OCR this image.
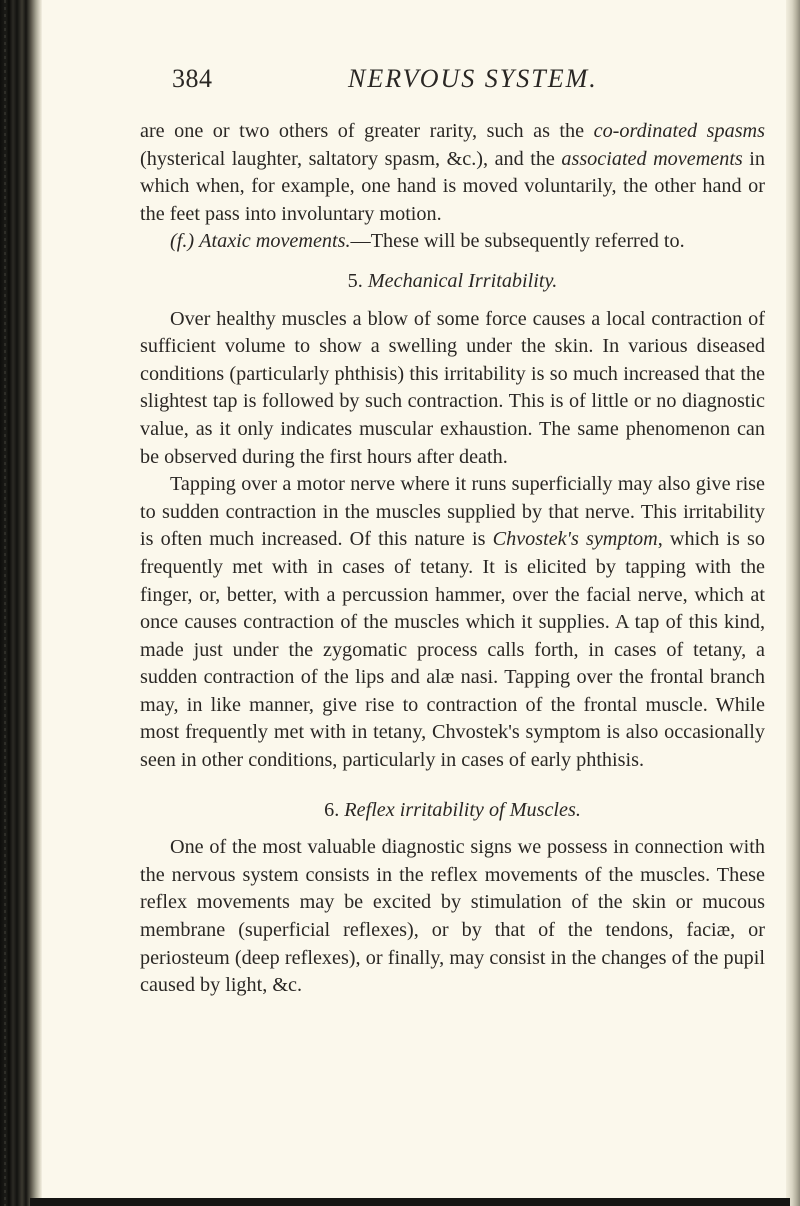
384	NERVOUS SYSTEM.

are one or two others of greater rarity, such as the co-ordinated spasms (hysterical laughter, saltatory spasm, &c.), and the associated movements in which when, for example, one hand is moved voluntarily, the other hand or the feet pass into involuntary motion.

(f.) Ataxic movements.—These will be subsequently referred to.

5. Mechanical Irritability.

Over healthy muscles a blow of some force causes a local contraction of sufficient volume to show a swelling under the skin. In various diseased conditions (particularly phthisis) this irritability is so much increased that the slightest tap is followed by such contraction. This is of little or no diagnostic value, as it only indicates muscular exhaustion. The same phenomenon can be observed during the first hours after death.

Tapping over a motor nerve where it runs superficially may also give rise to sudden contraction in the muscles supplied by that nerve. This irritability is often much increased. Of this nature is Chvostek's symptom, which is so frequently met with in cases of tetany. It is elicited by tapping with the finger, or, better, with a percussion hammer, over the facial nerve, which at once causes contraction of the muscles which it supplies. A tap of this kind, made just under the zygomatic process calls forth, in cases of tetany, a sudden contraction of the lips and alæ nasi. Tapping over the frontal branch may, in like manner, give rise to contraction of the frontal muscle. While most frequently met with in tetany, Chvostek's symptom is also occasionally seen in other conditions, particularly in cases of early phthisis.

6. Reflex irritability of Muscles.

One of the most valuable diagnostic signs we possess in connection with the nervous system consists in the reflex movements of the muscles. These reflex movements may be excited by stimulation of the skin or mucous membrane (superficial reflexes), or by that of the tendons, faciæ, or periosteum (deep reflexes), or finally, may consist in the changes of the pupil caused by light, &c.
